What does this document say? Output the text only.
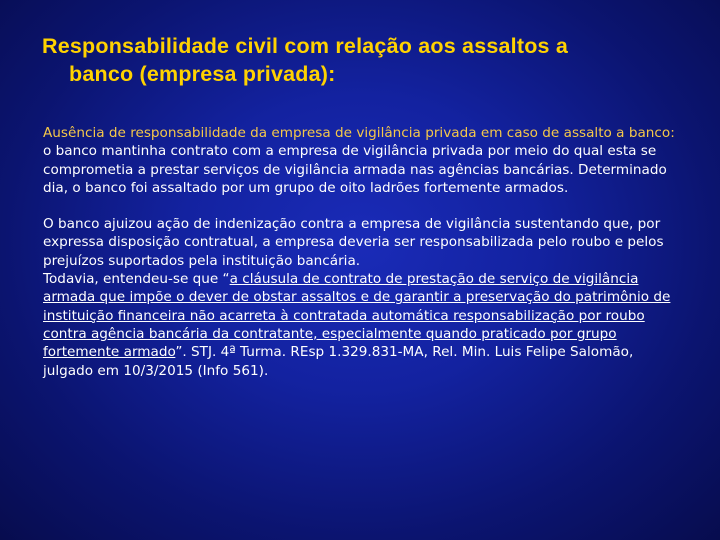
Responsabilidade civil com relação aos assaltos a
banco (empresa privada):

Ausência de responsabilidade da empresa de vigilância privada em caso de assalto a banco: o banco mantinha contrato com a empresa de vigilância privada por meio do qual esta se comprometia a prestar serviços de vigilância armada nas agências bancárias. Determinado dia, o banco foi assaltado por um grupo de oito ladrões fortemente armados.

O banco ajuizou ação de indenização contra a empresa de vigilância sustentando que, por expressa disposição contratual, a empresa deveria ser responsabilizada pelo roubo e pelos prejuízos suportados pela instituição bancária.

Todavia, entendeu-se que “a cláusula de contrato de prestação de serviço de vigilância armada que impõe o dever de obstar assaltos e de garantir a preservação do patrimônio de instituição financeira não acarreta à contratada automática responsabilização por roubo contra agência bancária da contratante, especialmente quando praticado por grupo fortemente armado”. STJ. 4ª Turma. REsp 1.329.831-MA, Rel. Min. Luis Felipe Salomão, julgado em 10/3/2015 (Info 561).
